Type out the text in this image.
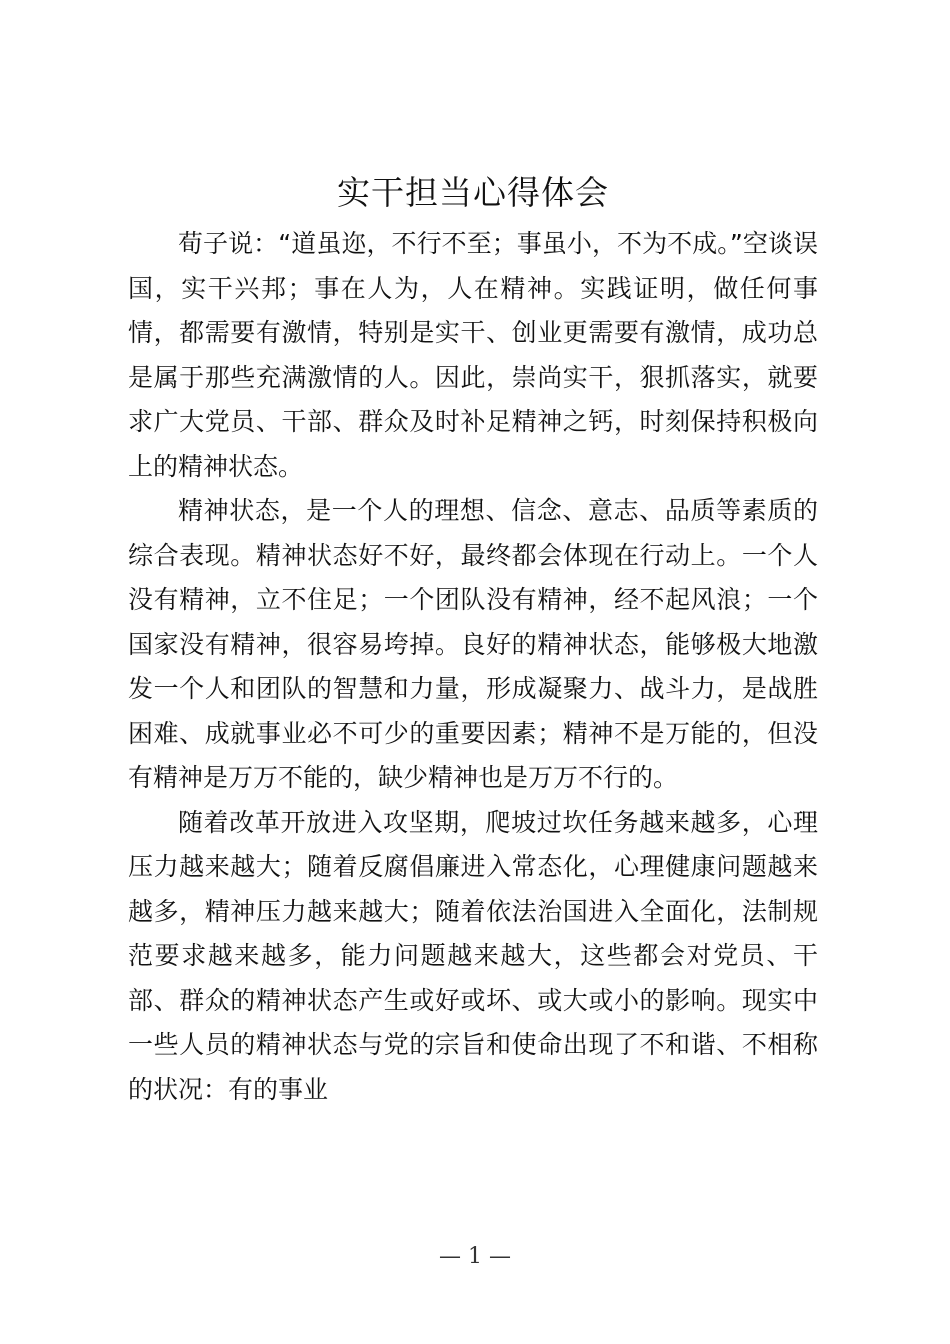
实干担当心得体会

荀子说：“道虽迩，不行不至；事虽小，不为不成。”空谈误国，实干兴邦；事在人为，人在精神。实践证明，做任何事情，都需要有激情，特别是实干、创业更需要有激情，成功总是属于那些充满激情的人。因此，崇尚实干，狠抓落实，就要求广大党员、干部、群众及时补足精神之钙，时刻保持积极向上的精神状态。

精神状态，是一个人的理想、信念、意志、品质等素质的综合表现。精神状态好不好，最终都会体现在行动上。一个人没有精神，立不住足；一个团队没有精神，经不起风浪；一个国家没有精神，很容易垮掉。良好的精神状态，能够极大地激发一个人和团队的智慧和力量，形成凝聚力、战斗力，是战胜困难、成就事业必不可少的重要因素；精神不是万能的，但没有精神是万万不能的，缺少精神也是万万不行的。

随着改革开放进入攻坚期，爬坡过坎任务越来越多，心理压力越来越大；随着反腐倡廉进入常态化，心理健康问题越来越多，精神压力越来越大；随着依法治国进入全面化，法制规范要求越来越多，能力问题越来越大，这些都会对党员、干部、群众的精神状态产生或好或坏、或大或小的影响。现实中一些人员的精神状态与党的宗旨和使命出现了不和谐、不相称的状况：有的事业

— 1 —
